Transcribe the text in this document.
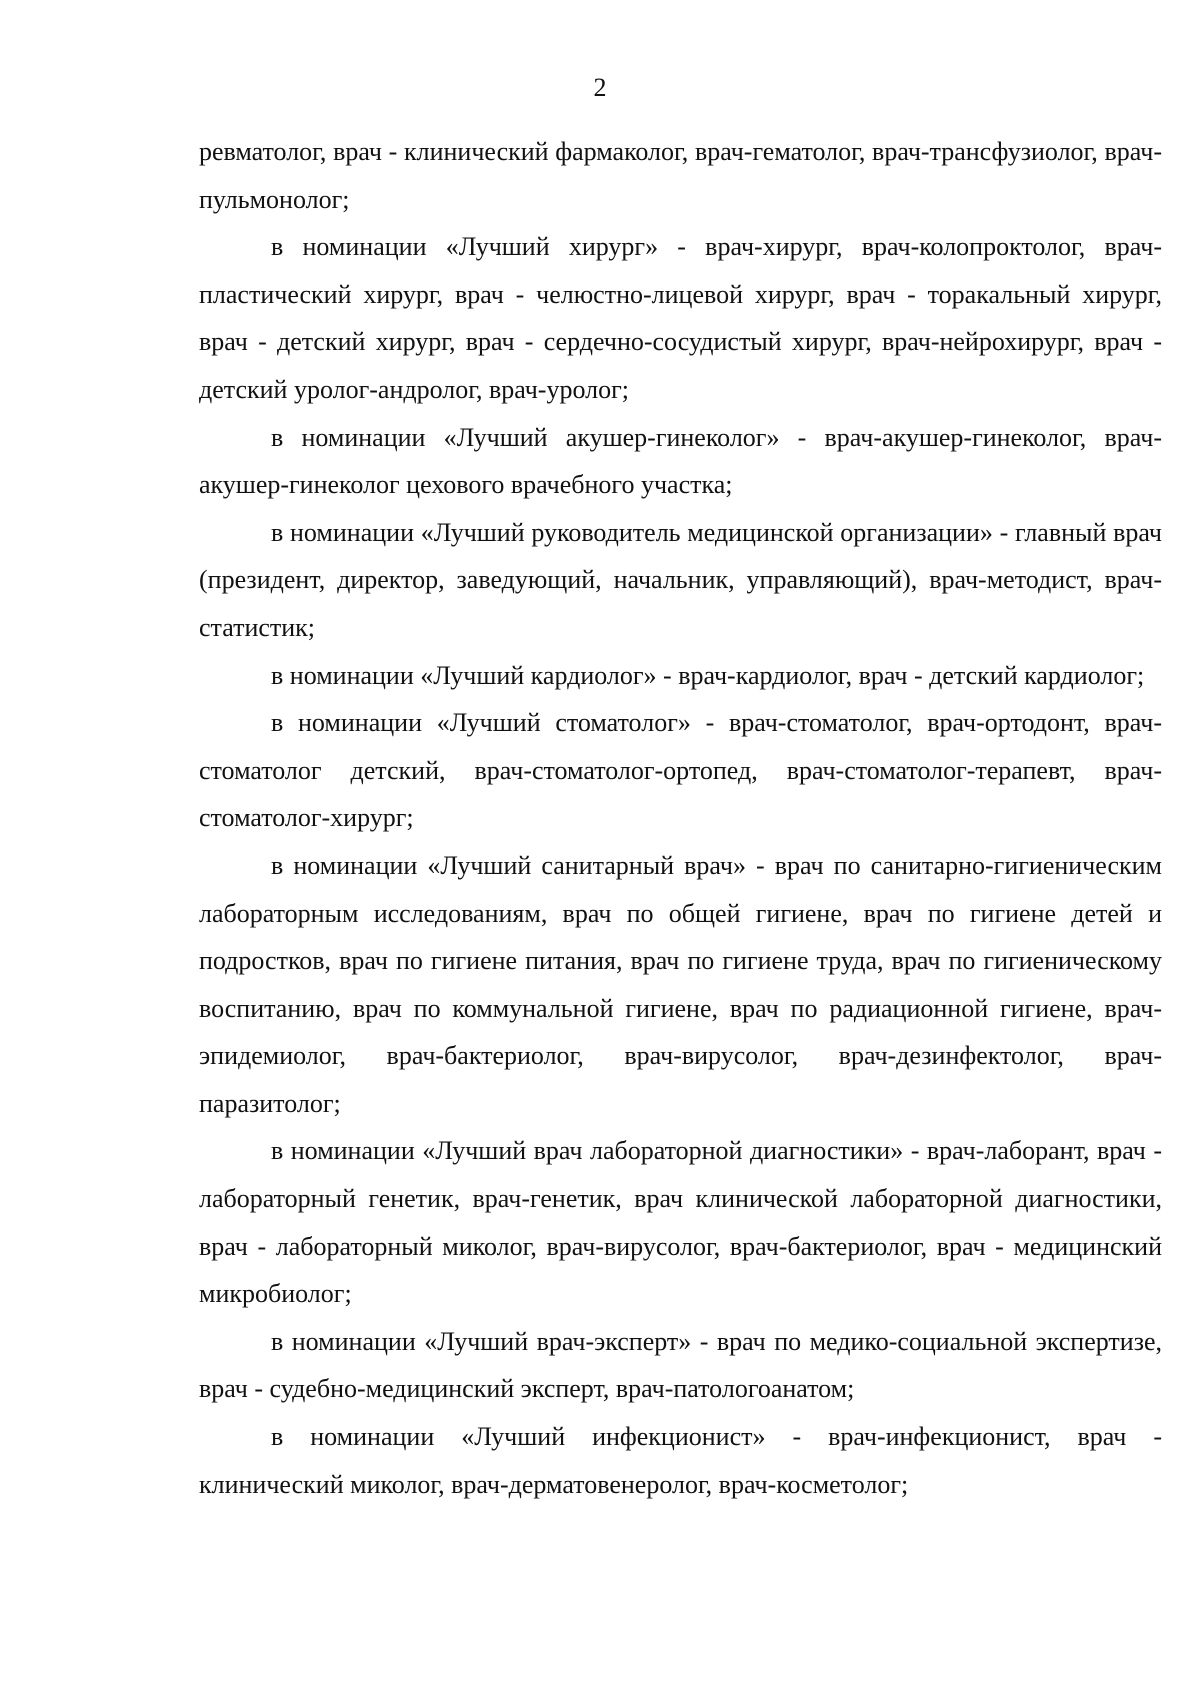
2

ревматолог, врач - клинический фармаколог, врач-гематолог, врач-трансфузиолог, врач-пульмонолог;

в номинации «Лучший хирург» - врач-хирург, врач-колопроктолог, врач-пластический хирург, врач - челюстно-лицевой хирург, врач - торакальный хирург, врач - детский хирург, врач - сердечно-сосудистый хирург, врач-нейрохирург, врач - детский уролог-андролог, врач-уролог;

в номинации «Лучший акушер-гинеколог» - врач-акушер-гинеколог, врач-акушер-гинеколог цехового врачебного участка;

в номинации «Лучший руководитель медицинской организации» - главный врач (президент, директор, заведующий, начальник, управляющий), врач-методист, врач-статистик;

в номинации «Лучший кардиолог» - врач-кардиолог, врач - детский кардиолог;

в номинации «Лучший стоматолог» - врач-стоматолог, врач-ортодонт, врач-стоматолог детский, врач-стоматолог-ортопед, врач-стоматолог-терапевт, врач-стоматолог-хирург;

в номинации «Лучший санитарный врач» - врач по санитарно-гигиеническим лабораторным исследованиям, врач по общей гигиене, врач по гигиене детей и подростков, врач по гигиене питания, врач по гигиене труда, врач по гигиеническому воспитанию, врач по коммунальной гигиене, врач по радиационной гигиене, врач-эпидемиолог, врач-бактериолог, врач-вирусолог, врач-дезинфектолог, врач-паразитолог;

в номинации «Лучший врач лабораторной диагностики» - врач-лаборант, врач - лабораторный генетик, врач-генетик, врач клинической лабораторной диагностики, врач - лабораторный миколог, врач-вирусолог, врач-бактериолог, врач - медицинский микробиолог;

в номинации «Лучший врач-эксперт» - врач по медико-социальной экспертизе, врач - судебно-медицинский эксперт, врач-патологоанатом;

в номинации «Лучший инфекционист» - врач-инфекционист, врач - клинический миколог, врач-дерматовенеролог, врач-косметолог;
